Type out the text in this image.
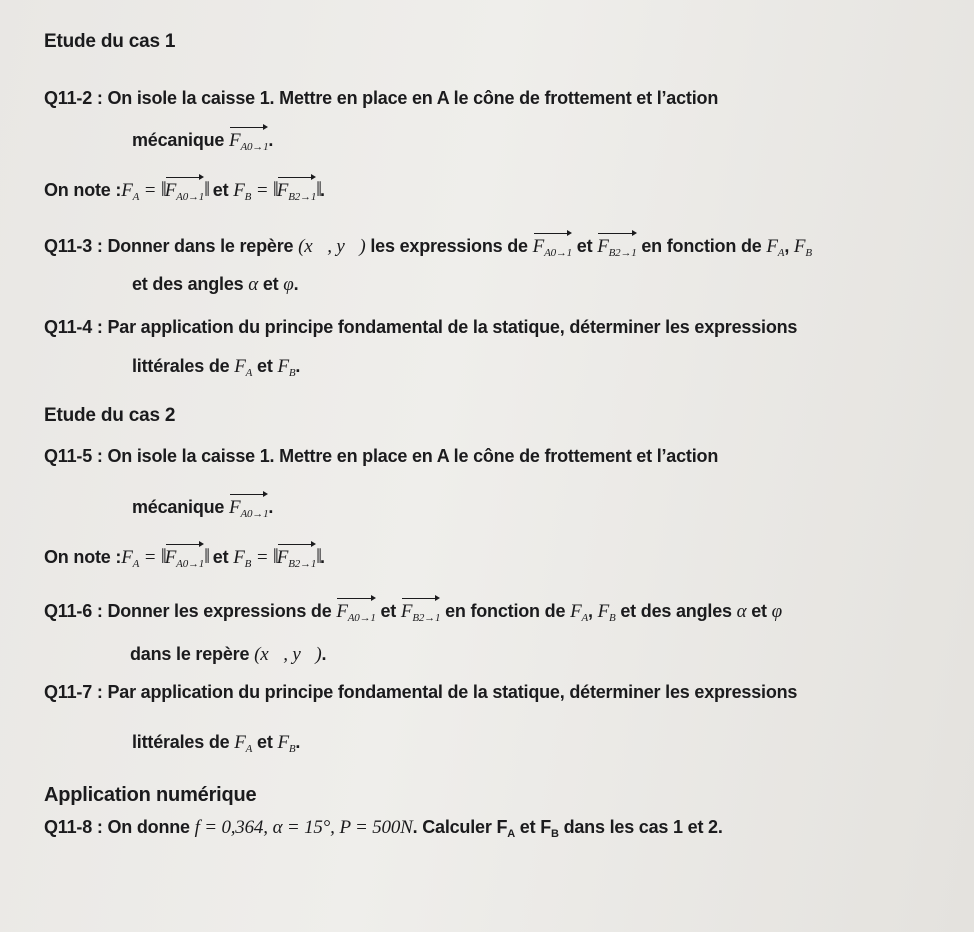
Etude du cas 1
Q11-2 : On isole la caisse 1. Mettre en place en A le cône de frottement et l’action
mécanique $F_{A0\to 1}$.
On note $:F_A$ = $‖F_{A0\to 1}‖$ et $F_B$ = $‖F_{B2\to 1}‖$.
Q11-3 : Donner dans le repère (x⃗, y⃗) les expressions de $F_{A0\to 1}$ et $F_{B2\to 1}$ en fonction de $F_A$, $F_B$
et des angles α et φ.
Q11-4 : Par application du principe fondamental de la statique, déterminer les expressions
littérales de $F_A$ et $F_B$.
Etude du cas 2
Q11-5 : On isole la caisse 1. Mettre en place en A le cône de frottement et l’action
mécanique $F_{A0\to 1}$.
On note $:F_A$ = $‖F_{A0\to 1}‖$ et $F_B$ = $‖F_{B2\to 1}‖$.
Q11-6 : Donner les expressions de $F_{A0\to 1}$ et $F_{B2\to 1}$ en fonction de $F_A$, $F_B$ et des angles α et φ
dans le repère (x⃗, y⃗).
Q11-7 : Par application du principe fondamental de la statique, déterminer les expressions
littérales de $F_A$ et $F_B$.
Application numérique
Q11-8 : On donne f = 0,364, α = 15°, P = 500N. Calculer $F_A$ et $F_B$ dans les cas 1 et 2.
